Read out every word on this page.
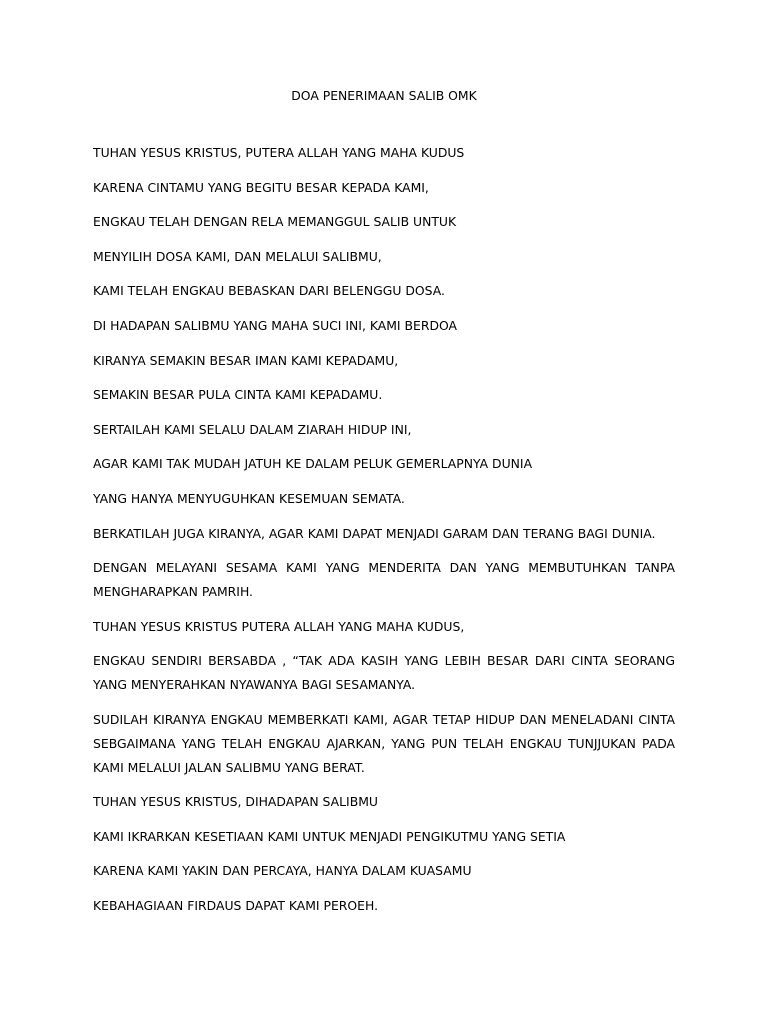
DOA PENERIMAAN SALIB OMK

TUHAN YESUS KRISTUS, PUTERA ALLAH YANG MAHA KUDUS

KARENA CINTAMU YANG BEGITU BESAR KEPADA KAMI,

ENGKAU TELAH DENGAN RELA MEMANGGUL SALIB UNTUK

MENYILIH DOSA KAMI, DAN MELALUI SALIBMU,

KAMI TELAH ENGKAU BEBASKAN DARI BELENGGU DOSA.

DI HADAPAN SALIBMU YANG MAHA SUCI INI, KAMI BERDOA

KIRANYA SEMAKIN BESAR IMAN KAMI KEPADAMU,

SEMAKIN BESAR PULA CINTA KAMI KEPADAMU.

SERTAILAH KAMI SELALU DALAM ZIARAH HIDUP INI,

AGAR KAMI TAK MUDAH JATUH KE DALAM PELUK GEMERLAPNYA DUNIA

YANG HANYA MENYUGUHKAN KESEMUAN SEMATA.

BERKATILAH JUGA KIRANYA, AGAR KAMI DAPAT MENJADI GARAM DAN TERANG BAGI DUNIA.

DENGAN MELAYANI SESAMA KAMI YANG MENDERITA DAN YANG MEMBUTUHKAN TANPA MENGHARAPKAN PAMRIH.

TUHAN YESUS KRISTUS PUTERA ALLAH YANG MAHA KUDUS,

ENGKAU SENDIRI BERSABDA , “TAK ADA KASIH YANG LEBIH BESAR DARI CINTA SEORANG YANG MENYERAHKAN NYAWANYA BAGI SESAMANYA.

SUDILAH KIRANYA ENGKAU MEMBERKATI KAMI, AGAR TETAP HIDUP DAN MENELADANI CINTA SEBGAIMANA YANG TELAH ENGKAU AJARKAN, YANG PUN TELAH ENGKAU TUNJJUKAN PADA KAMI MELALUI JALAN SALIBMU YANG BERAT.

TUHAN YESUS KRISTUS, DIHADAPAN SALIBMU

KAMI IKRARKAN KESETIAAN KAMI UNTUK MENJADI PENGIKUTMU YANG SETIA

KARENA KAMI YAKIN DAN PERCAYA, HANYA DALAM KUASAMU

KEBAHAGIAAN FIRDAUS DAPAT KAMI PEROEH.
